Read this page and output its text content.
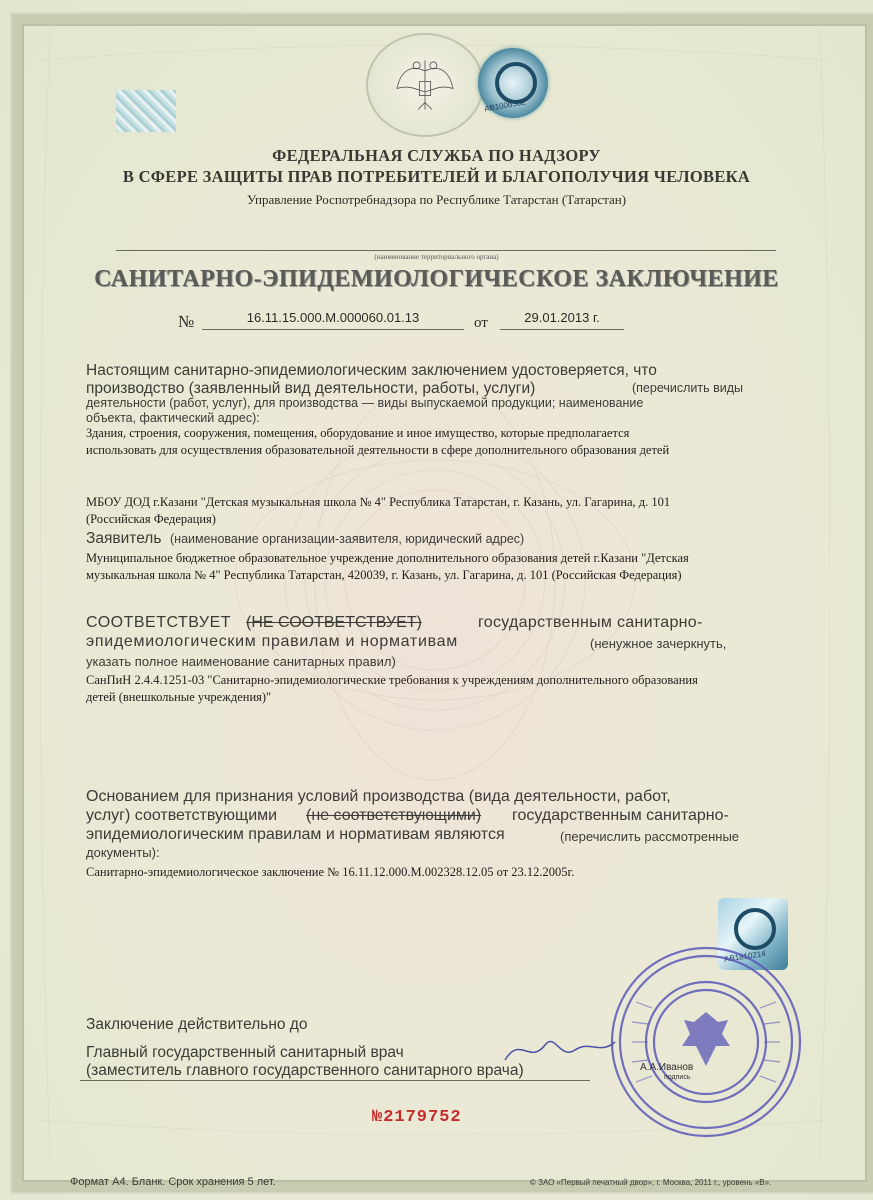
АВ1006302
ФЕДЕРАЛЬНАЯ СЛУЖБА ПО НАДЗОРУ
В СФЕРЕ ЗАЩИТЫ ПРАВ ПОТРЕБИТЕЛЕЙ И БЛАГОПОЛУЧИЯ ЧЕЛОВЕКА
Управление Роспотребнадзора по Республике Татарстан (Татарстан)
(наименование территориального органа)
САНИТАРНО-ЭПИДЕМИОЛОГИЧЕСКОЕ ЗАКЛЮЧЕНИЕ
№	16.11.15.000.М.000060.01.13	от	29.01.2013 г.
Настоящим санитарно-эпидемиологическим заключением удостоверяется, что
производство (заявленный вид деятельности, работы, услуги)	(перечислить виды
деятельности (работ, услуг), для производства — виды выпускаемой продукции; наименование
объекта, фактический адрес):
Здания, строения, сооружения, помещения, оборудование и иное имущество, которые предполагается
использовать для осуществления образовательной деятельности в сфере дополнительного образования детей
МБОУ ДОД г.Казани "Детская музыкальная школа № 4" Республика Татарстан, г. Казань, ул. Гагарина, д. 101
(Российская Федерация)
Заявитель (наименование организации-заявителя, юридический адрес)
Муниципальное бюджетное образовательное учреждение дополнительного образования детей г.Казани "Детская
музыкальная школа № 4" Республика Татарстан, 420039, г. Казань, ул. Гагарина, д. 101 (Российская Федерация)
СООТВЕТСТВУЕТ (НЕ СООТВЕТСТВУЕТ)	государственным санитарно-
эпидемиологическим правилам и нормативам	(ненужное зачеркнуть,
указать полное наименование санитарных правил)
СанПиН 2.4.4.1251-03 "Санитарно-эпидемиологические требования к учреждениям дополнительного образования
детей (внешкольные учреждения)"
Основанием для признания условий производства (вида деятельности, работ,
услуг) соответствующими (не соответствующими) государственным санитарно-
эпидемиологическим правилам и нормативам являются	(перечислить рассмотренные
документы):
Санитарно-эпидемиологическое заключение № 16.11.12.000.М.002328.12.05 от 23.12.2005г.
АВ1810214
Заключение действительно до
Главный государственный санитарный врач
(заместитель главного государственного санитарного врача)	А.А.Иванов
подпись
№2179752
Формат А4. Бланк. Срок хранения 5 лет.	© ЗАО «Первый печатный двор», г. Москва, 2011 г., уровень «В».
